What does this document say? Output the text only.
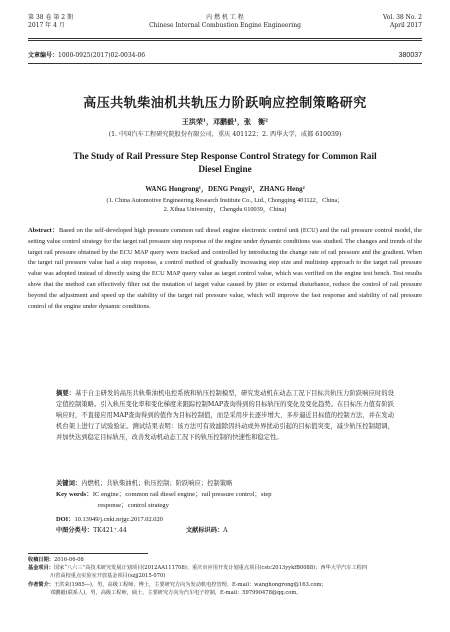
第 38 卷 第 2 期
2017 年 4 月
内 燃 机 工 程
Chinese Internal Combustion Engine Engineering
Vol. 38 No. 2
April 2017
文章编号：1000-0925(2017)02-0034-06	380037
高压共轨柴油机共轨压力阶跃响应控制策略研究
王洪荣¹，邓鹏毅¹，张　衡²
(1. 中国汽车工程研究院股份有限公司，重庆 401122；2. 西华大学，成都 610039)
The Study of Rail Pressure Step Response Control Strategy for Common Rail
Diesel Engine
WANG Hongrong¹，DENG Pengyi¹，ZHANG Heng²
(1. China Automotive Engineering Research Institute Co., Ltd., Chongqing 401122，China；
2. Xihua University，Chengdu 610039，China)
Abstract：Based on the self-developed high pressure common rail diesel engine electronic control unit (ECU) and the rail pressure control model, the setting value control strategy for the target rail pressure step response of the engine under dynamic conditions was studied. The changes and trends of the target rail pressure obtained by the ECU MAP query were tracked and controlled by introducing the change rate of rail pressure and the gradient. When the target rail pressure value had a step response, a control method of gradually increasing step size and multistep approach to the target rail pressure value was adopted instead of directly using the ECU MAP query value as target control value, which was verified on the engine test bench. Test results show that the method can effectively filter out the mutation of target value caused by jitter or external disturbance, reduce the control of rail pressure beyond the adjustment and speed up the stability of the target rail pressure value, which will improve the fast response and stability of rail pressure control of the engine under dynamic conditions.
摘要：基于自主研发的高压共轨柴油机电控系统和轨压控制模型，研究发动机在动态工况下目标共轨压力阶跃响应时的设定值控制策略。引入轨压变化率和变化梯度来跟踪控制MAP查询得到的目标轨压的变化及变化趋势。在目标压力值有阶跃响应时，不直接应用MAP查询得到的值作为目标控制值，而是采用步长逐步增大、多步逼近目标值的控制方法，并在发动机台架上进行了试验验证。测试结果表明：该方法可有效滤除因抖动或外界扰动引起的目标值突变，减少轨压控制超调，并加快达到稳定目标轨压，改善发动机动态工况下的轨压控制的快速性和稳定性。
关键词：内燃机；共轨柴油机；轨压控制；阶跃响应；控制策略
Key words：IC engine；common rail diesel engine；rail pressure control；step
response；control strategy
DOI：10.13949/j.cnki.nrjgc.2017.02.020
中图分类号：TK421⁺.44	文献标识码：A
收稿日期：2016-06-08
基金项目：国家“八六三”高技术研究发展计划项目(2012AA111708)；重庆市应用开发计划重点项目(cstc2013yykfB0088)；西华大学汽车工程四
川省高校重点实验室开放基金项目(szjj2015-070)
作者简介：王洪荣(1985—)，男，高级工程师，博士，主要研究方向为发动机电控管理，E-mail：wanghongrong@163.com；
邓鹏毅(联系人)，男，高级工程师，硕士，主要研究方向为汽车电子控制，E-mail：597990478@qq.com。
